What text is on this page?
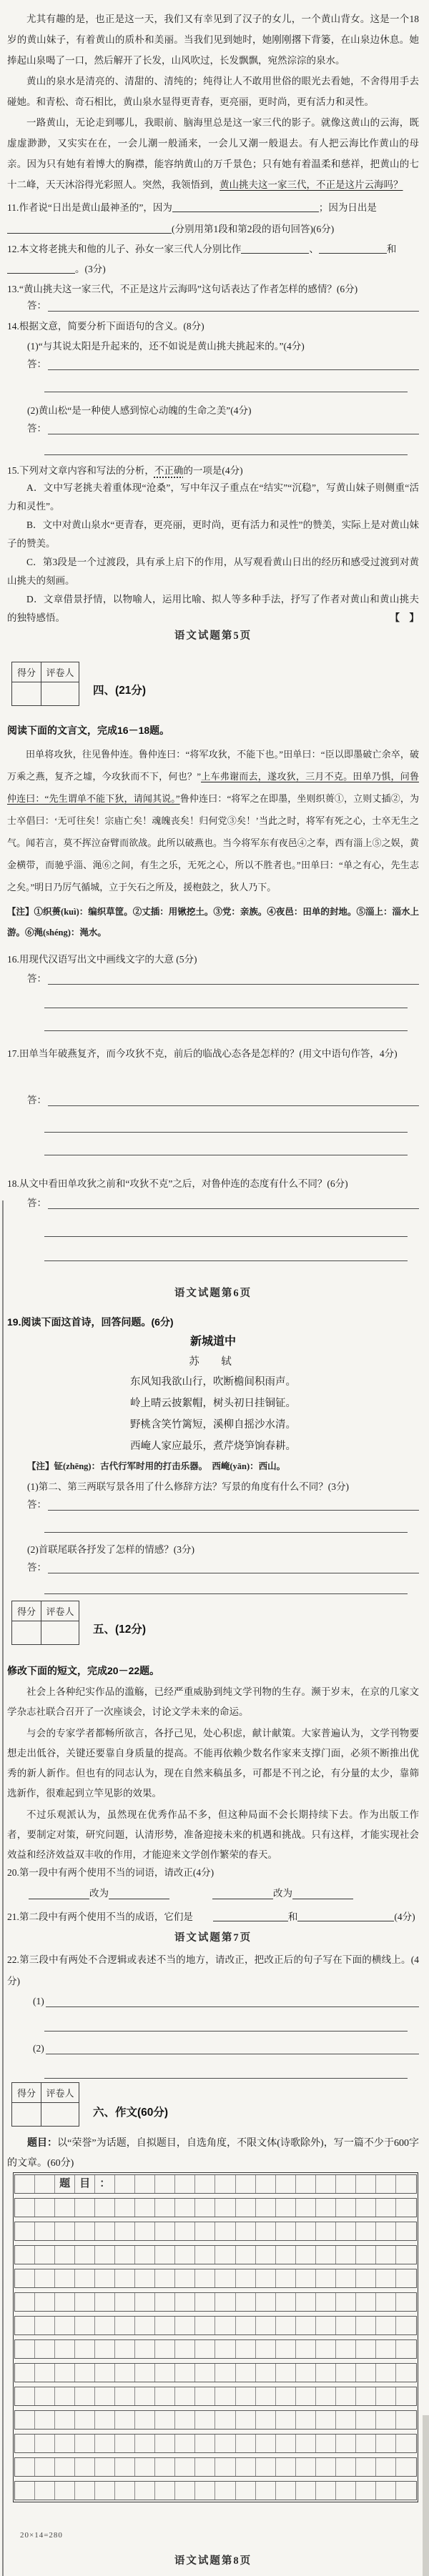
尤其有趣的是，也正是这一天，我们又有幸见到了汉子的女儿，一个黄山背女。这是一个18岁的黄山妹子，有着黄山的质朴和美丽。当我们见到她时，她刚刚撂下背篓，在山泉边休息。她捧起山泉喝了一口，然后解开了长发，山风吹过，长发飘飘，宛然淙淙的泉水。

黄山的泉水是清亮的、清甜的、清纯的；纯得让人不敢用世俗的眼光去看她，不舍得用手去碰她。和青松、奇石相比，黄山泉水显得更青春，更亮丽，更时尚，更有活力和灵性。

一路黄山，无论走到哪儿，我眼前、脑海里总是这一家三代的影子。就像这黄山的云海，既虚虚渺渺，又实实在在，一会儿潮一般涌来，一会儿又潮一般退去。有人把云海比作黄山的母亲。因为只有她有着博大的胸襟，能容纳黄山的万千景色；只有她有着温柔和慈祥，把黄山的七十二峰，天天沐浴得光彩照人。突然，我领悟到，黄山挑夫这一家三代，不正是这片云海吗？

11.作者说“日出是黄山最神圣的”，因为	；因为日出是
(分别用第1段和第2段的语句回答)(6分)
12.本文将老挑夫和他的儿子、孙女一家三代人分别比作	、	和
。(3分)
13.“黄山挑夫这一家三代，不正是这片云海吗”这句话表达了作者怎样的感情？(6分)
答：
14.根据文意，简要分析下面语句的含义。(8分)
(1)“与其说太阳是升起来的，还不如说是黄山挑夫挑起来的。”(4分)
答：
(2)黄山松“是一种使人感到惊心动魄的生命之美”(4分)
答：
15.下列对文章内容和写法的分析，不正确的一项是(4分)
A．文中写老挑夫着重体现“沧桑”，写中年汉子重点在“结实”“沉稳”，写黄山妹子则侧重“活力和灵性”。
B．文中对黄山泉水“更青春，更亮丽，更时尚，更有活力和灵性”的赞美，实际上是对黄山妹子的赞美。
C．第3段是一个过渡段，具有承上启下的作用，从写观看黄山日出的经历和感受过渡到对黄山挑夫的刻画。
D．文章借景抒情，以物喻人，运用比喻、拟人等多种手法，抒写了作者对黄山和黄山挑夫的独特感悟。	【　】
语文试题第5页
得分	评卷人

四、(21分)
阅读下面的文言文，完成16－18题。
田单将攻狄，往见鲁仲连。鲁仲连曰：“将军攻狄，不能下也。”田单曰：“臣以即墨破亡余卒，破万乘之燕，复齐之墟，今攻狄而不下，何也？”上车弗谢而去，遂攻狄，三月不克。田单乃惧，问鲁仲连曰：“先生谓单不能下狄，请闻其说。”鲁仲连曰：“将军之在即墨，坐则织蒉①，立则丈插②，为士卒倡曰：‘无可往矣！宗庙亡矣！魂魄丧矣！归何党③矣！’当此之时，将军有死之心，士卒无生之气。闻若言，莫不挥泣奋臂而欲战。此所以破燕也。当今将军东有夜邑④之奉，西有淄上⑤之娱，黄金横带，而驰乎淄、渑⑥之间，有生之乐，无死之心，所以不胜者也。”田单曰：“单之有心，先生志之矣。”明日乃厉气循城，立于矢石之所及，援枹鼓之，狄人乃下。
【注】①织蒉(kuì)：编织草筐。②丈插：用锹挖土。③党：亲族。④夜邑：田单的封地。⑤淄上：淄水上游。⑥渑(shéng)：渑水。
16.用现代汉语写出文中画线文字的大意 (5分)
答：
17.田单当年破燕复齐，而今攻狄不克，前后的临战心态各是怎样的？(用文中语句作答，4分)
答：
18.从文中看田单攻狄之前和“攻狄不克”之后，对鲁仲连的态度有什么不同？(6分)
答：
语文试题第6页
19.阅读下面这首诗，回答问题。(6分)
新城道中
苏　轼
东风知我欲山行，吹断檐间积雨声。
岭上晴云披絮帽，树头初日挂铜钲。
野桃含笑竹篱短，溪柳自摇沙水清。
西崦人家应最乐，煮芹烧笋饷春耕。
【注】钲(zhēng)：古代行军时用的打击乐器。　西崦(yān)：西山。
(1)第二、第三两联写景各用了什么修辞方法？写景的角度有什么不同？(3分)
答：
(2)首联尾联各抒发了怎样的情感？(3分)
答：
得分	评卷人

五、(12分)
修改下面的短文，完成20－22题。
社会上各种纪实作品的滥觞，已经严重威胁到纯文学刊物的生存。濒于岁末，在京的几家文学杂志社联合召开了一次座谈会，讨论文学未来的命运。
与会的专家学者都畅所欲言，各抒己见，处心积虑，献计献策。大家普遍认为，文学刊物要想走出低谷，关键还要靠自身质量的提高。不能再依赖少数名作家来支撑门面，必须不断推出优秀的新人新作。但也有的同志认为，现在自然来稿虽多，可都是不刊之论，有分量的太少，靠筛选新作，很难起到立竿见影的效果。
不过乐观派认为，虽然现在优秀作品不多，但这种局面不会长期持续下去。作为出版工作者，要制定对策，研究问题，认清形势，准备迎接未来的机遇和挑战。只有这样，才能实现社会效益和经济效益双丰收的作用，才能迎来文学创作繁荣的春天。
20.第一段中有两个使用不当的词语，请改正(4分)
改为	改为
21.第二段中有两个使用不当的成语，它们是	和	(4分)
语文试题第7页
22.第三段中有两处不合逻辑或表述不当的地方，请改正，把改正后的句子写在下面的横线上。(4分)
(1)
(2)
得分	评卷人

六、作文(60分)
题目：以“荣誉”为话题，自拟题目，自选角度，不限文体(诗歌除外)，写一篇不少于600字的文章。(60分)
题 目 ：
20×14=280
语文试题第8页
